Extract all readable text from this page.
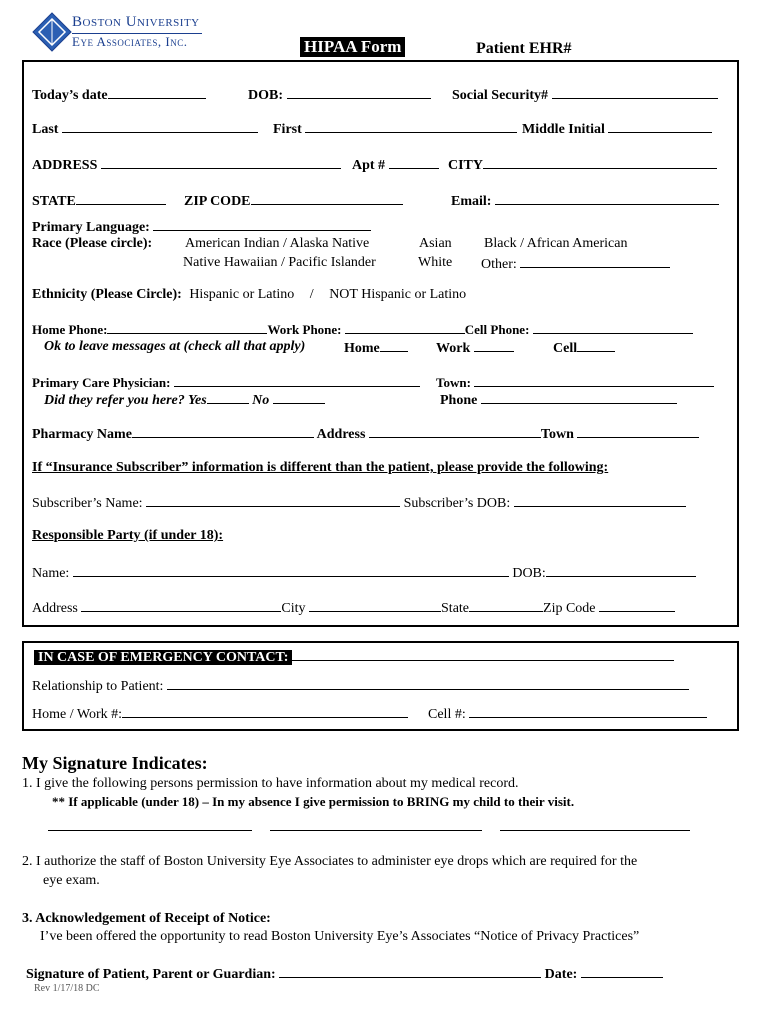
Boston University
Eye Associates, Inc.	HIPAA Form	Patient EHR#
Today’s date	DOB:	Social Security#
Last	First	Middle Initial
ADDRESS	Apt #	CITY
STATE	ZIP CODE	Email:
Primary Language:
Race (Please circle): American Indian / Alaska Native	Asian Black / African American
Native Hawaiian / Pacific Islander	White Other:
Ethnicity (Please Circle): Hispanic or Latino / NOT Hispanic or Latino
Home Phone:	Work Phone:	Cell Phone:
Ok to leave messages at (check all that apply)	Home	Work	Cell
Primary Care Physician:	Town:
Did they refer you here? Yes	No	Phone
Pharmacy Name	Address	Town
If “Insurance Subscriber” information is different than the patient, please provide the following:
Subscriber’s Name:	Subscriber’s DOB:
Responsible Party (if under 18):
Name:	DOB:
Address	City	State	Zip Code
IN CASE OF EMERGENCY CONTACT:
Relationship to Patient:
Home / Work #:	Cell #:
My Signature Indicates:
1. I give the following persons permission to have information about my medical record.
** If applicable (under 18) – In my absence I give permission to BRING my child to their visit.
2. I authorize the staff of Boston University Eye Associates to administer eye drops which are required for the
eye exam.
3. Acknowledgement of Receipt of Notice:
I’ve been offered the opportunity to read Boston University Eye’s Associates “Notice of Privacy Practices”
Signature of Patient, Parent or Guardian:	Date:
Rev 1/17/18 DC
